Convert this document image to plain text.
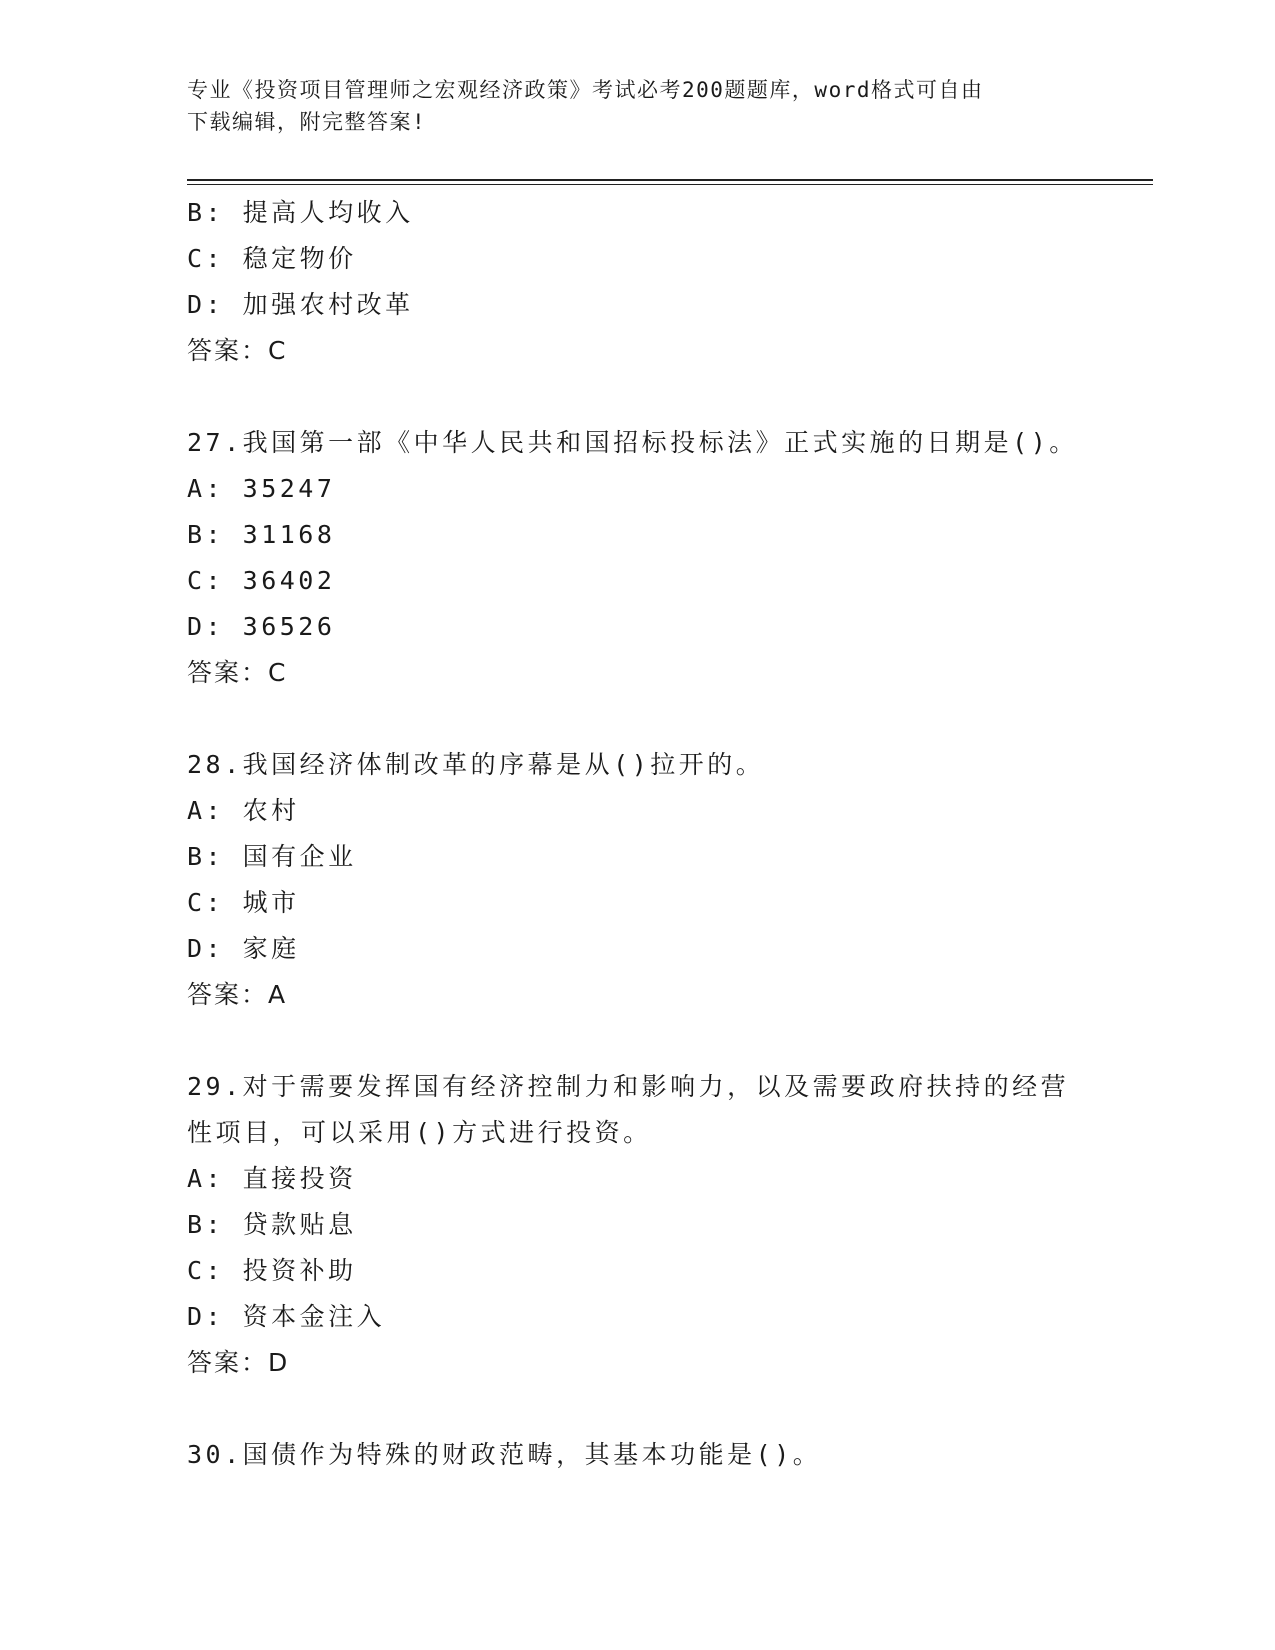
专业《投资项目管理师之宏观经济政策》考试必考200题题库，word格式可自由
下载编辑，附完整答案!
B: 提高人均收入
C: 稳定物价
D: 加强农村改革
答案：C
27.我国第一部《中华人民共和国招标投标法》正式实施的日期是()。
A: 35247
B: 31168
C: 36402
D: 36526
答案：C
28.我国经济体制改革的序幕是从()拉开的。
A: 农村
B: 国有企业
C: 城市
D: 家庭
答案：A
29.对于需要发挥国有经济控制力和影响力，以及需要政府扶持的经营
性项目，可以采用()方式进行投资。
A: 直接投资
B: 贷款贴息
C: 投资补助
D: 资本金注入
答案：D
30.国债作为特殊的财政范畴，其基本功能是()。
